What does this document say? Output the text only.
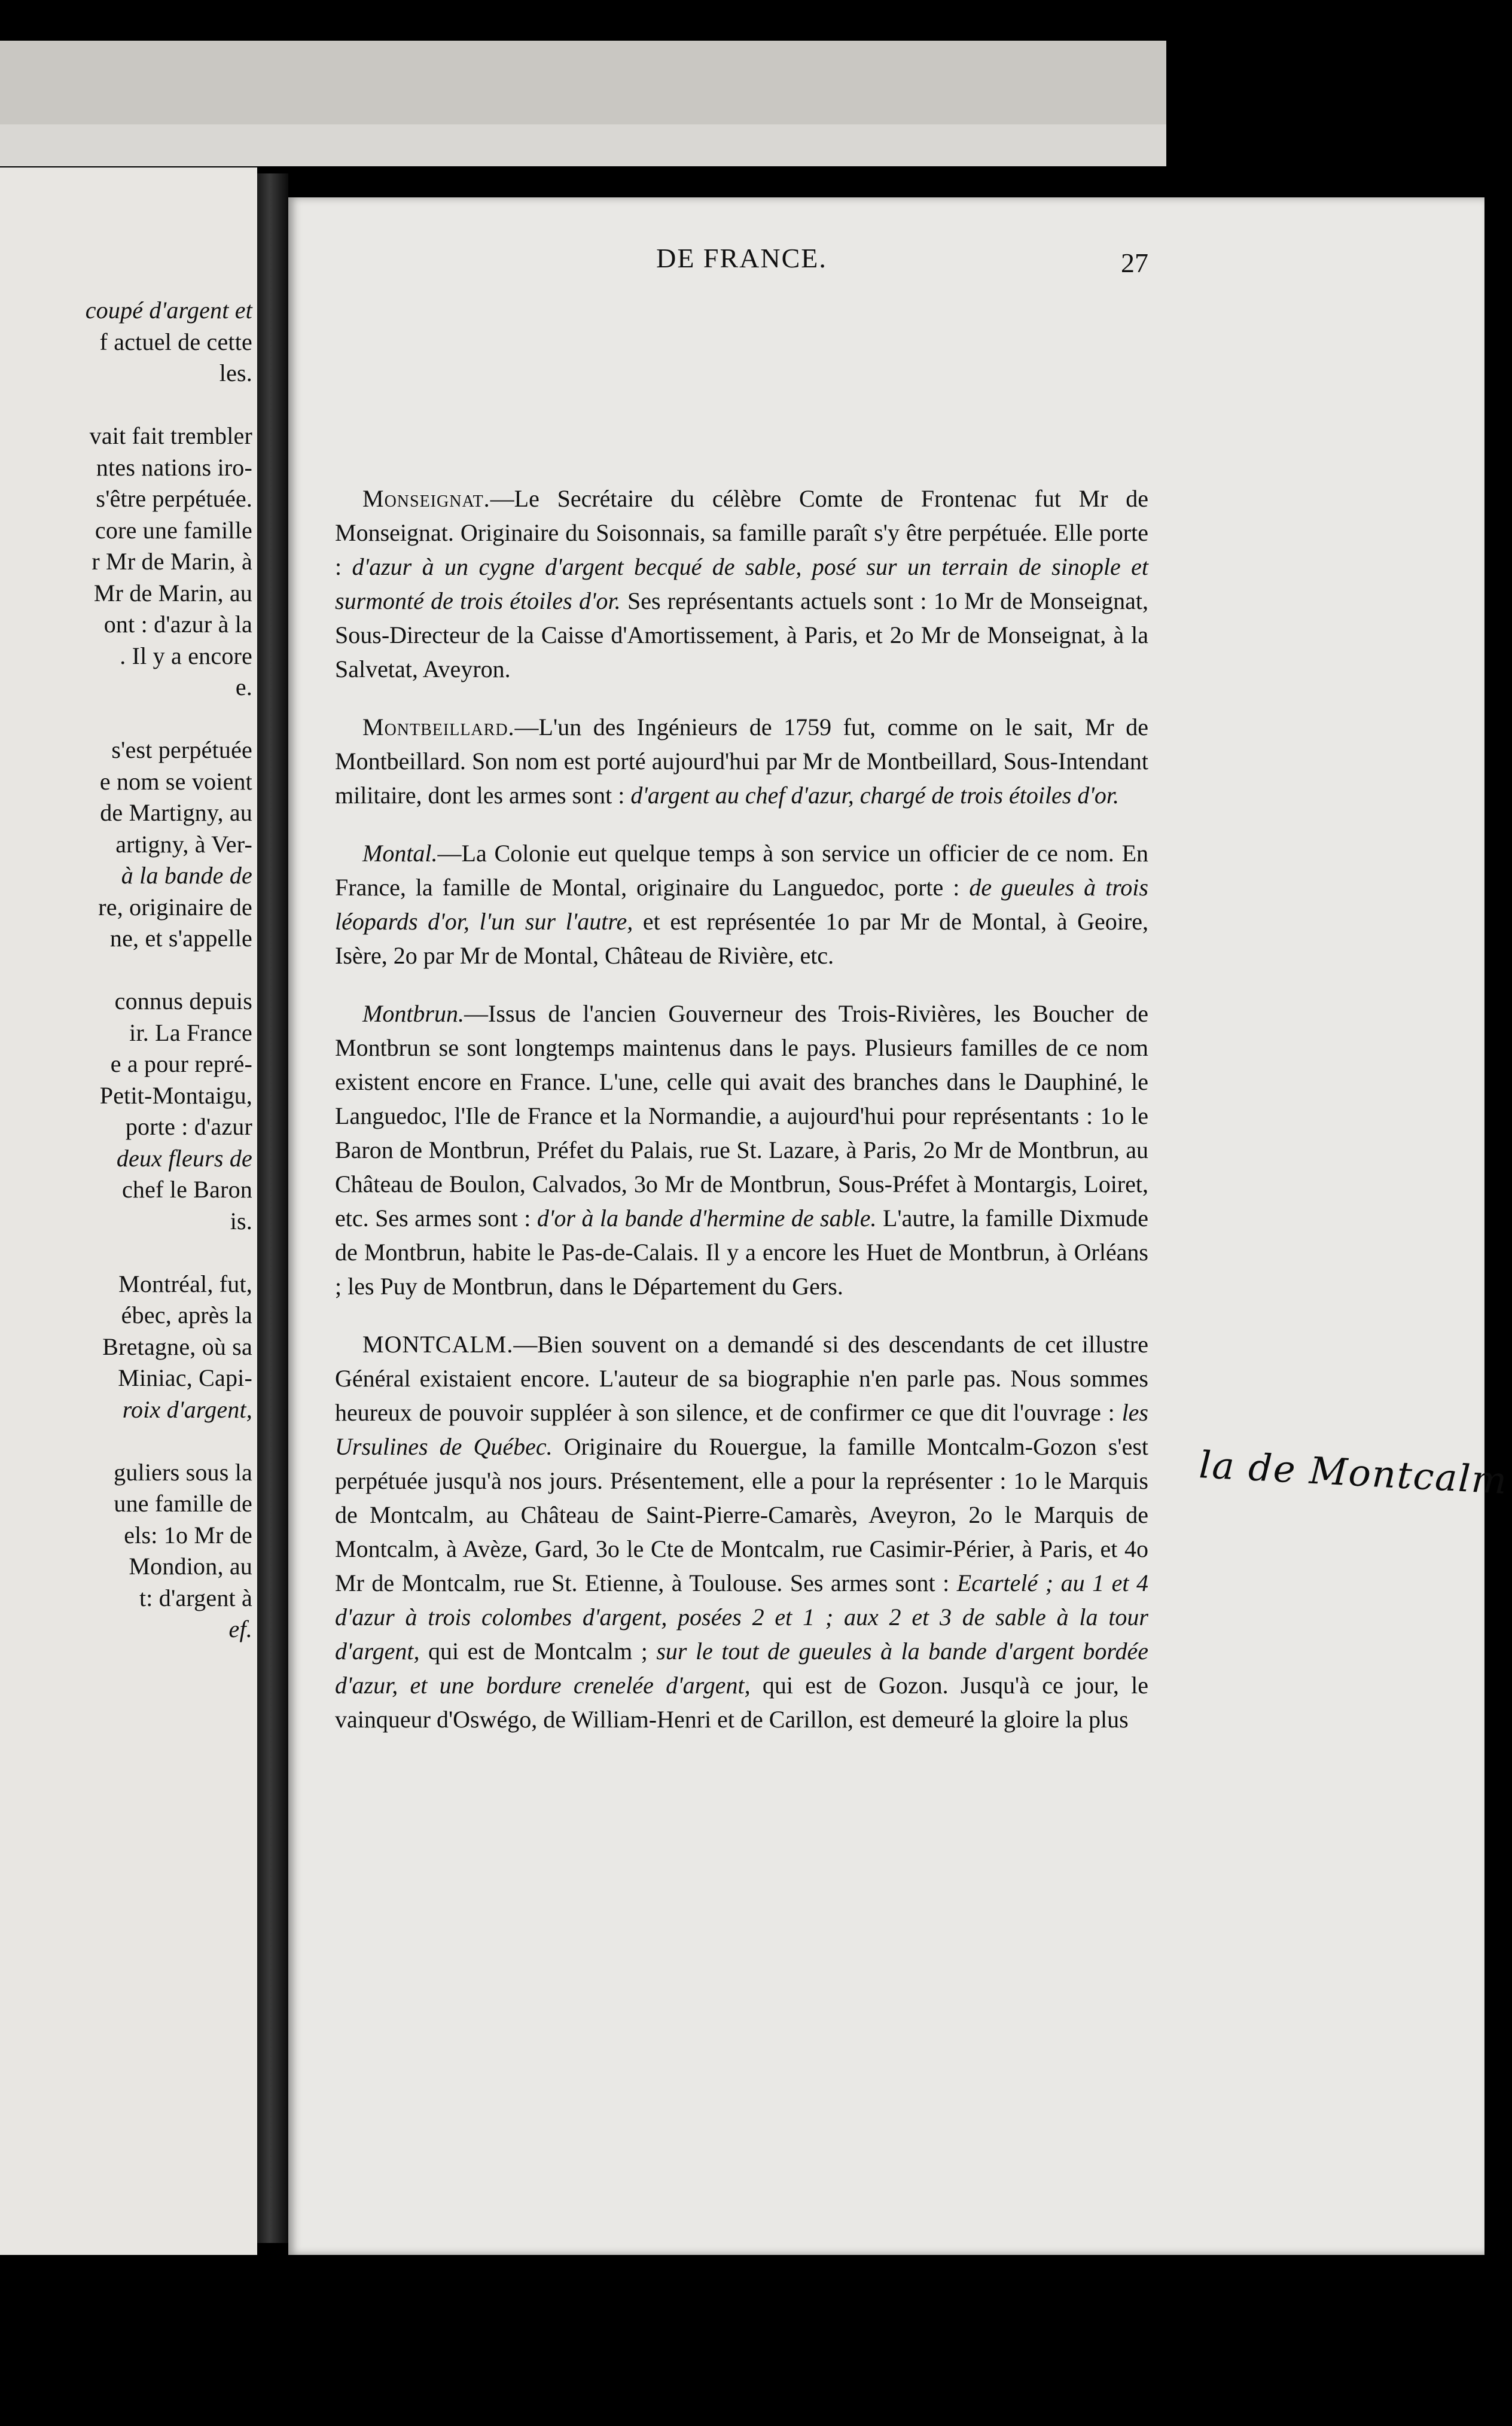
coupé d'argent et
f actuel de cette
les.
vait fait trembler
ntes nations iro-
s'être perpétuée.
core une famille
r Mr de Marin, à
Mr de Marin, au
ont : d'azur à la
. Il y a encore
e.
s'est perpétuée
e nom se voient
de Martigny, au
artigny, à Ver-
à la bande de
re, originaire de
ne, et s'appelle
connus depuis
ir. La France
e a pour repré-
Petit-Montaigu,
porte : d'azur
deux fleurs de
chef le Baron
is.
Montréal, fut,
ébec, après la
Bretagne, où sa
Miniac, Capi-
roix d'argent,
guliers sous la
une famille de
els: 1o Mr de
Mondion, au
t: d'argent à
ef.
DE FRANCE.	27

Monseignat.—Le Secrétaire du célèbre Comte de Frontenac fut Mr de Monseignat. Originaire du Soisonnais, sa famille paraît s'y être perpétuée. Elle porte : d'azur à un cygne d'argent becqué de sable, posé sur un terrain de sinople et surmonté de trois étoiles d'or. Ses représentants actuels sont : 1o Mr de Monseignat, Sous-Directeur de la Caisse d'Amortissement, à Paris, et 2o Mr de Monseignat, à la Salvetat, Aveyron.

Montbeillard.—L'un des Ingénieurs de 1759 fut, comme on le sait, Mr de Montbeillard. Son nom est porté aujourd'hui par Mr de Montbeillard, Sous-Intendant militaire, dont les armes sont : d'argent au chef d'azur, chargé de trois étoiles d'or.

Montal.—La Colonie eut quelque temps à son service un officier de ce nom. En France, la famille de Montal, originaire du Languedoc, porte : de gueules à trois léopards d'or, l'un sur l'autre, et est représentée 1o par Mr de Montal, à Geoire, Isère, 2o par Mr de Montal, Château de Rivière, etc.

Montbrun.—Issus de l'ancien Gouverneur des Trois-Rivières, les Boucher de Montbrun se sont longtemps maintenus dans le pays. Plusieurs familles de ce nom existent encore en France. L'une, celle qui avait des branches dans le Dauphiné, le Languedoc, l'Ile de France et la Normandie, a aujourd'hui pour représentants : 1o le Baron de Montbrun, Préfet du Palais, rue St. Lazare, à Paris, 2o Mr de Montbrun, au Château de Boulon, Calvados, 3o Mr de Montbrun, Sous-Préfet à Montargis, Loiret, etc. Ses armes sont : d'or à la bande d'hermine de sable. L'autre, la famille Dixmude de Montbrun, habite le Pas-de-Calais. Il y a encore les Huet de Montbrun, à Orléans ; les Puy de Montbrun, dans le Département du Gers.

MONTCALM.—Bien souvent on a demandé si des descendants de cet illustre Général existaient encore. L'auteur de sa biographie n'en parle pas. Nous sommes heureux de pouvoir suppléer à son silence, et de confirmer ce que dit l'ouvrage : les Ursulines de Québec. Originaire du Rouergue, la famille Montcalm-Gozon s'est perpétuée jusqu'à nos jours. Présentement, elle a pour la représenter : 1o le Marquis de Montcalm, au Château de Saint-Pierre-Camarès, Aveyron, 2o le Marquis de Montcalm, à Avèze, Gard, 3o le Cte de Montcalm, rue Casimir-Périer, à Paris, et 4o Mr de Montcalm, rue St. Etienne, à Toulouse. Ses armes sont : Ecartelé ; au 1 et 4 d'azur à trois colombes d'argent, posées 2 et 1 ; aux 2 et 3 de sable à la tour d'argent, qui est de Montcalm ; sur le tout de gueules à la bande d'argent bordée d'azur, et une bordure crenelée d'argent, qui est de Gozon. Jusqu'à ce jour, le vainqueur d'Oswégo, de William-Henri et de Carillon, est demeuré la gloire la plus

la de Montcalm
